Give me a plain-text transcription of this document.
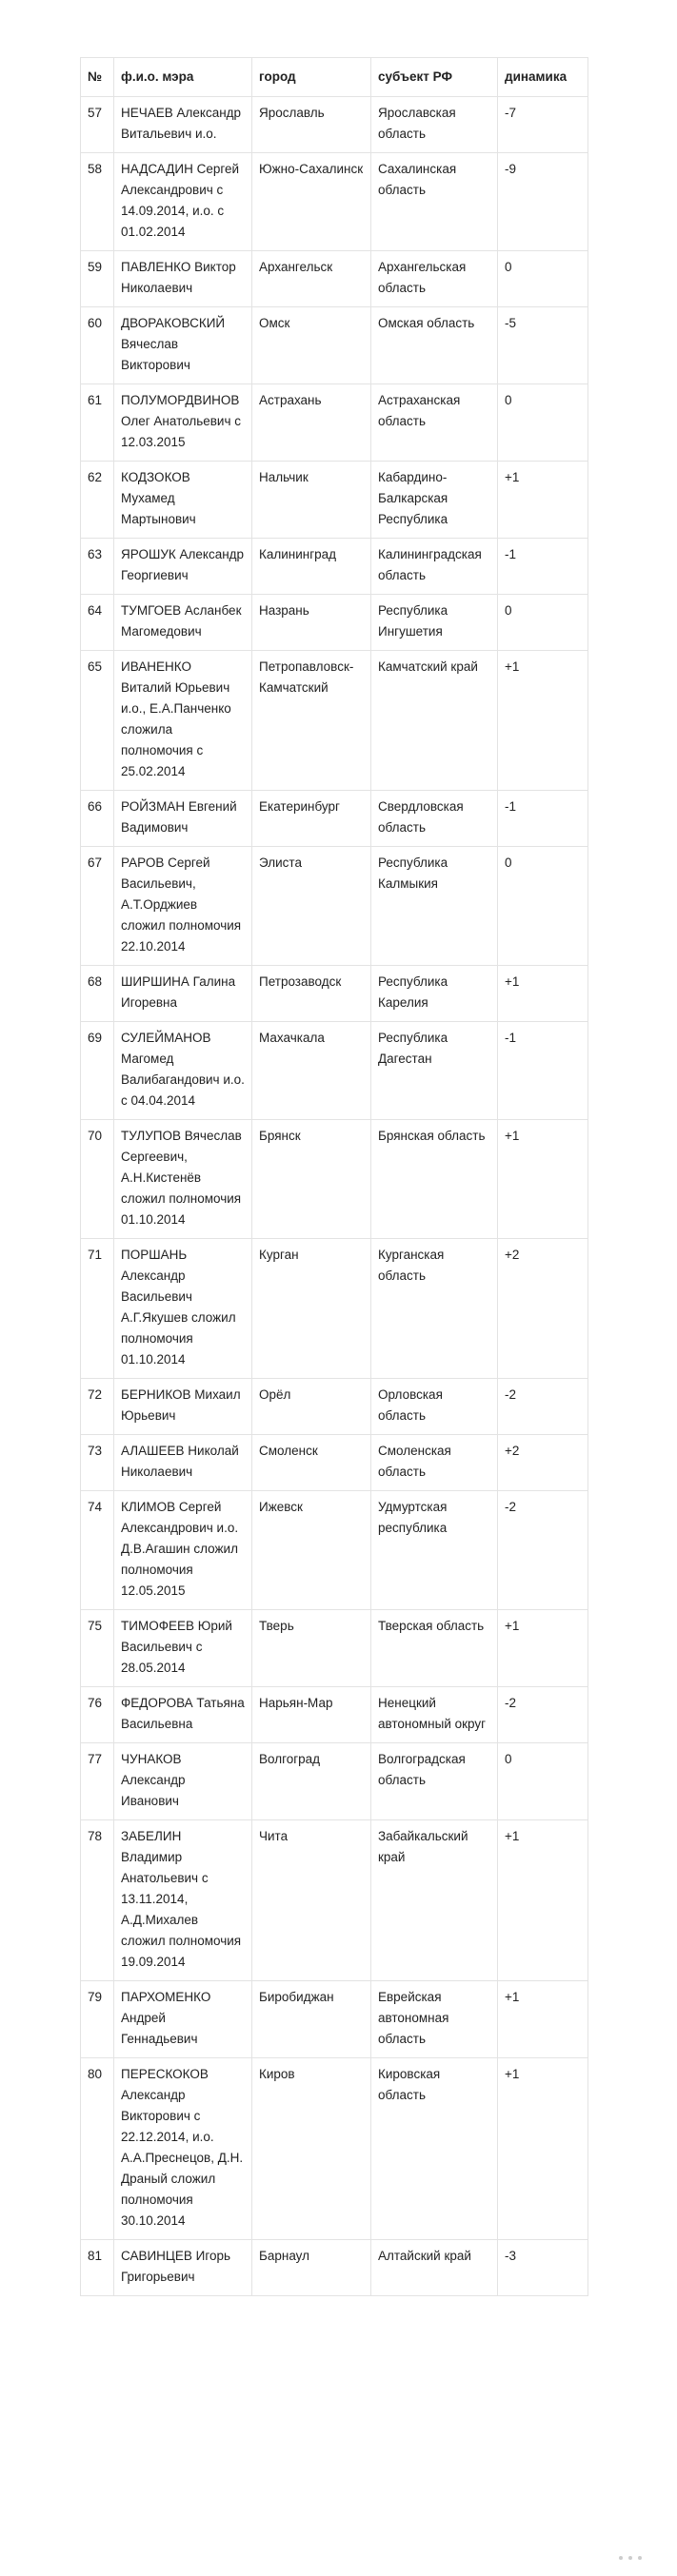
№	ф.и.о. мэра	город	субъект РФ	динамика
57	НЕЧАЕВ Александр Витальевич и.о.	Ярославль	Ярославская область	-7
58	НАДСАДИН Сергей Александрович с 14.09.2014, и.о. с 01.02.2014	Южно-Сахалинск	Сахалинская область	-9
59	ПАВЛЕНКО Виктор Николаевич	Архангельск	Архангельская область	0
60	ДВОРАКОВСКИЙ Вячеслав Викторович	Омск	Омская область	-5
61	ПОЛУМОРДВИНОВ Олег Анатольевич с 12.03.2015	Астрахань	Астраханская область	0
62	КОДЗОКОВ Мухамед Мартынович	Нальчик	Кабардино-Балкарская Республика	+1
63	ЯРОШУК Александр Георгиевич	Калининград	Калининградская область	-1
64	ТУМГОЕВ Асланбек Магомедович	Назрань	Республика Ингушетия	0
65	ИВАНЕНКО Виталий Юрьевич и.о., Е.А.Панченко сложила полномочия с 25.02.2014	Петропавловск-Камчатский	Камчатский край	+1
66	РОЙЗМАН Евгений Вадимович	Екатеринбург	Свердловская область	-1
67	РАРОВ Сергей Васильевич, А.Т.Орджиев сложил полномочия 22.10.2014	Элиста	Республика Калмыкия	0
68	ШИРШИНА Галина Игоревна	Петрозаводск	Республика Карелия	+1
69	СУЛЕЙМАНОВ Магомед Валибагандович и.о. с 04.04.2014	Махачкала	Республика Дагестан	-1
70	ТУЛУПОВ Вячеслав Сергеевич, А.Н.Кистенёв сложил полномочия 01.10.2014	Брянск	Брянская область	+1
71	ПОРШАНЬ Александр Васильевич А.Г.Якушев сложил полномочия 01.10.2014	Курган	Курганская область	+2
72	БЕРНИКОВ Михаил Юрьевич	Орёл	Орловская область	-2
73	АЛАШЕЕВ Николай Николаевич	Смоленск	Смоленская область	+2
74	КЛИМОВ Сергей Александрович и.о. Д.В.Агашин сложил полномочия 12.05.2015	Ижевск	Удмуртская республика	-2
75	ТИМОФЕЕВ Юрий Васильевич с 28.05.2014	Тверь	Тверская область	+1
76	ФЕДОРОВА Татьяна Васильевна	Нарьян-Мар	Ненецкий автономный округ	-2
77	ЧУНАКОВ Александр Иванович	Волгоград	Волгоградская область	0
78	ЗАБЕЛИН Владимир Анатольевич с 13.11.2014, А.Д.Михалев сложил полномочия 19.09.2014	Чита	Забайкальский край	+1
79	ПАРХОМЕНКО Андрей Геннадьевич	Биробиджан	Еврейская автономная область	+1
80	ПЕРЕСКОКОВ Александр Викторович с 22.12.2014, и.о. А.А.Преснецов, Д.Н. Драный сложил полномочия 30.10.2014	Киров	Кировская область	+1
81	САВИНЦЕВ Игорь Григорьевич	Барнаул	Алтайский край	-3
